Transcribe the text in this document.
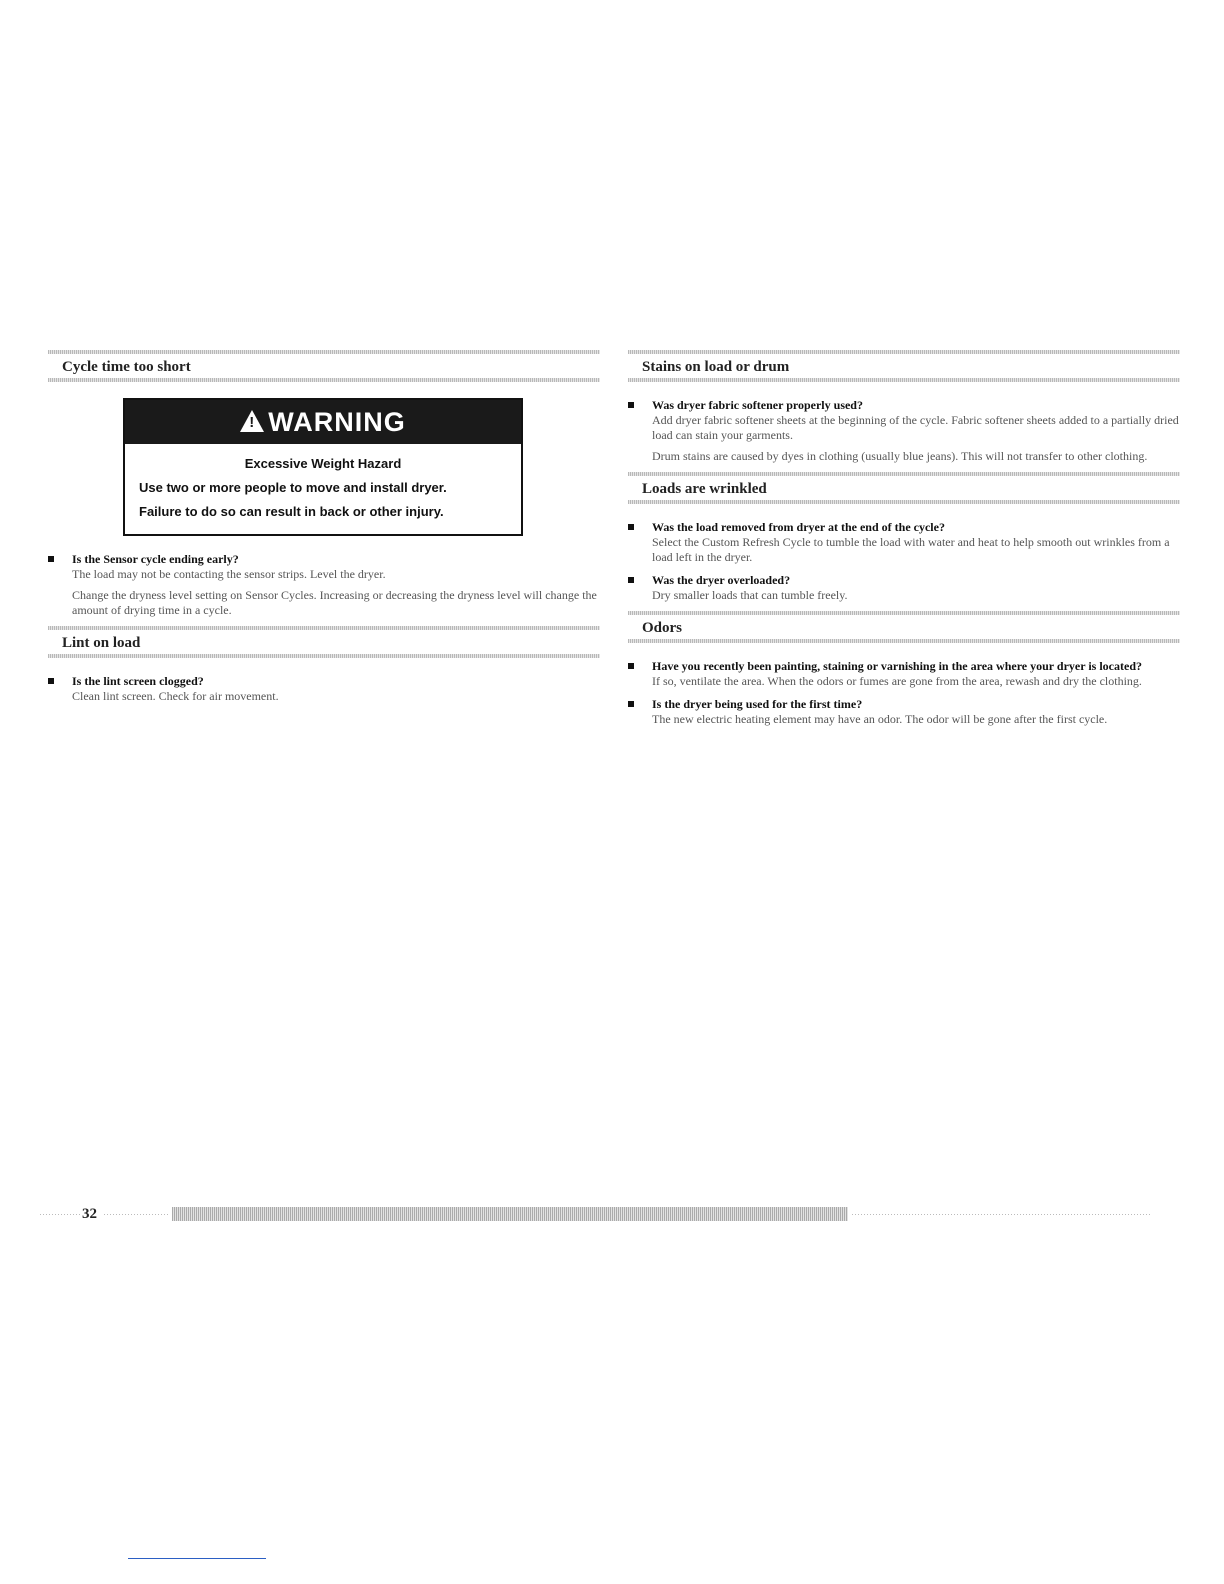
Cycle time too short
!
WARNING

Excessive Weight Hazard

Use two or more people to move and install dryer.

Failure to do so can result in back or other injury.

Is the Sensor cycle ending early?
The load may not be contacting the sensor strips. Level the dryer.
Change the dryness level setting on Sensor Cycles. Increasing or decreasing the dryness level will change the amount of drying time in a cycle.
Lint on load
Is the lint screen clogged?
Clean lint screen. Check for air movement.
Stains on load or drum
Was dryer fabric softener properly used?
Add dryer fabric softener sheets at the beginning of the cycle. Fabric softener sheets added to a partially dried load can stain your garments.
Drum stains are caused by dyes in clothing (usually blue jeans). This will not transfer to other clothing.
Loads are wrinkled
Was the load removed from dryer at the end of the cycle?
Select the Custom Refresh Cycle to tumble the load with water and heat to help smooth out wrinkles from a load left in the dryer.
Was the dryer overloaded?
Dry smaller loads that can tumble freely.
Odors
Have you recently been painting, staining or varnishing in the area where your dryer is located?
If so, ventilate the area. When the odors or fumes are gone from the area, rewash and dry the clothing.
Is the dryer being used for the first time?
The new electric heating element may have an odor. The odor will be gone after the first cycle.
32
